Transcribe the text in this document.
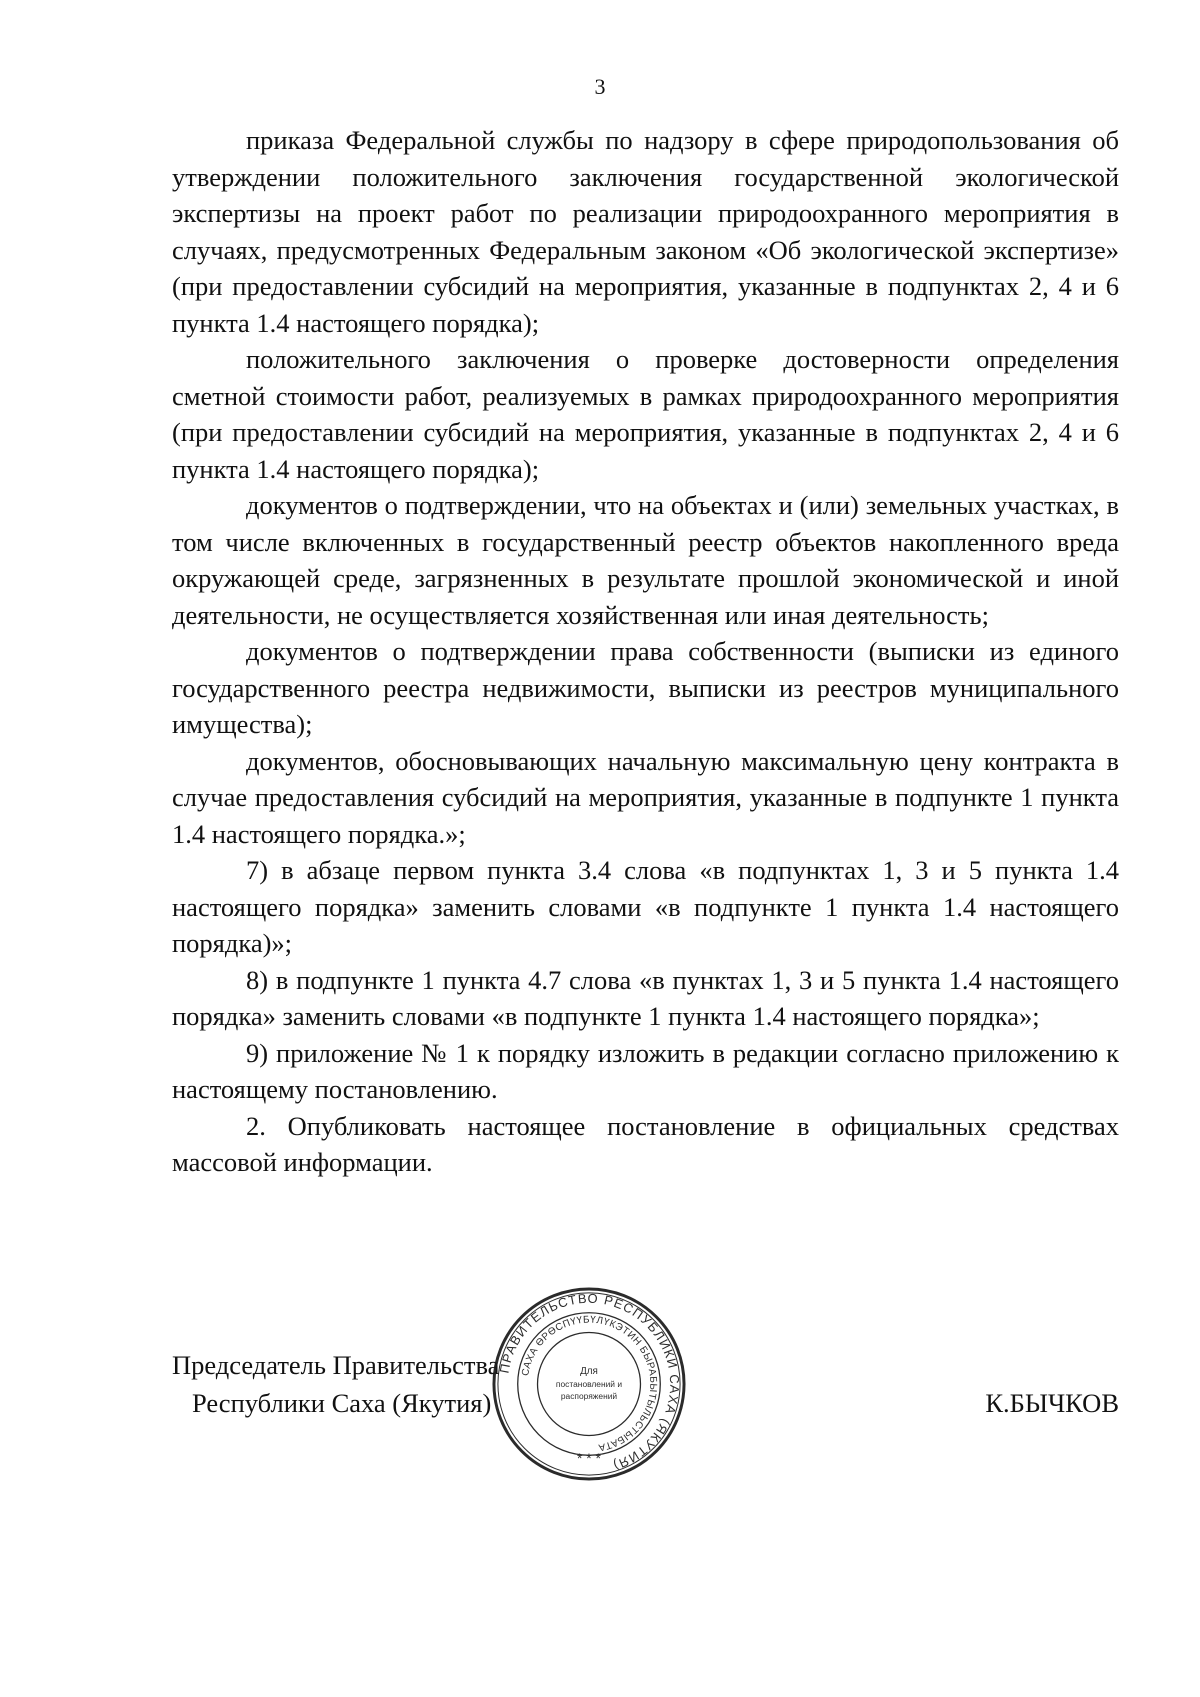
3

приказа Федеральной службы по надзору в сфере природопользования об утверждении положительного заключения государственной экологической экспертизы на проект работ по реализации природоохранного мероприятия в случаях, предусмотренных Федеральным законом «Об экологической экспертизе» (при предоставлении субсидий на мероприятия, указанные в подпунктах 2, 4 и 6 пункта 1.4 настоящего порядка);

положительного заключения о проверке достоверности определения сметной стоимости работ, реализуемых в рамках природоохранного мероприятия (при предоставлении субсидий на мероприятия, указанные в подпунктах 2, 4 и 6 пункта 1.4 настоящего порядка);

документов о подтверждении, что на объектах и (или) земельных участках, в том числе включенных в государственный реестр объектов накопленного вреда окружающей среде, загрязненных в результате прошлой экономической и иной деятельности, не осуществляется хозяйственная или иная деятельность;

документов о подтверждении права собственности (выписки из единого государственного реестра недвижимости, выписки из реестров муниципального имущества);

документов, обосновывающих начальную максимальную цену контракта в случае предоставления субсидий на мероприятия, указанные в подпункте 1 пункта 1.4 настоящего порядка.»;

7) в абзаце первом пункта 3.4 слова «в подпунктах 1, 3 и 5 пункта 1.4 настоящего порядка» заменить словами «в подпункте 1 пункта 1.4 настоящего порядка)»;

8) в подпункте 1 пункта 4.7 слова «в пунктах 1, 3 и 5 пункта 1.4 настоящего порядка» заменить словами «в подпункте 1 пункта 1.4 настоящего порядка»;

9) приложение № 1 к порядку изложить в редакции согласно приложению к настоящему постановлению.

2. Опубликовать настоящее постановление в официальных средствах массовой информации.

Председатель Правительства
Республики Саха (Якутия)	К.БЫЧКОВ
ПРАВИТЕЛЬСТВО РЕСПУБЛИКИ САХА (ЯКУТИЯ)
САХА ӨРӨСПҮҮБҮЛҮКЭТИН БЫРАБЫТЫЛЬСТЫБАТА
Для
постановлений и
распоряжений
* * *
